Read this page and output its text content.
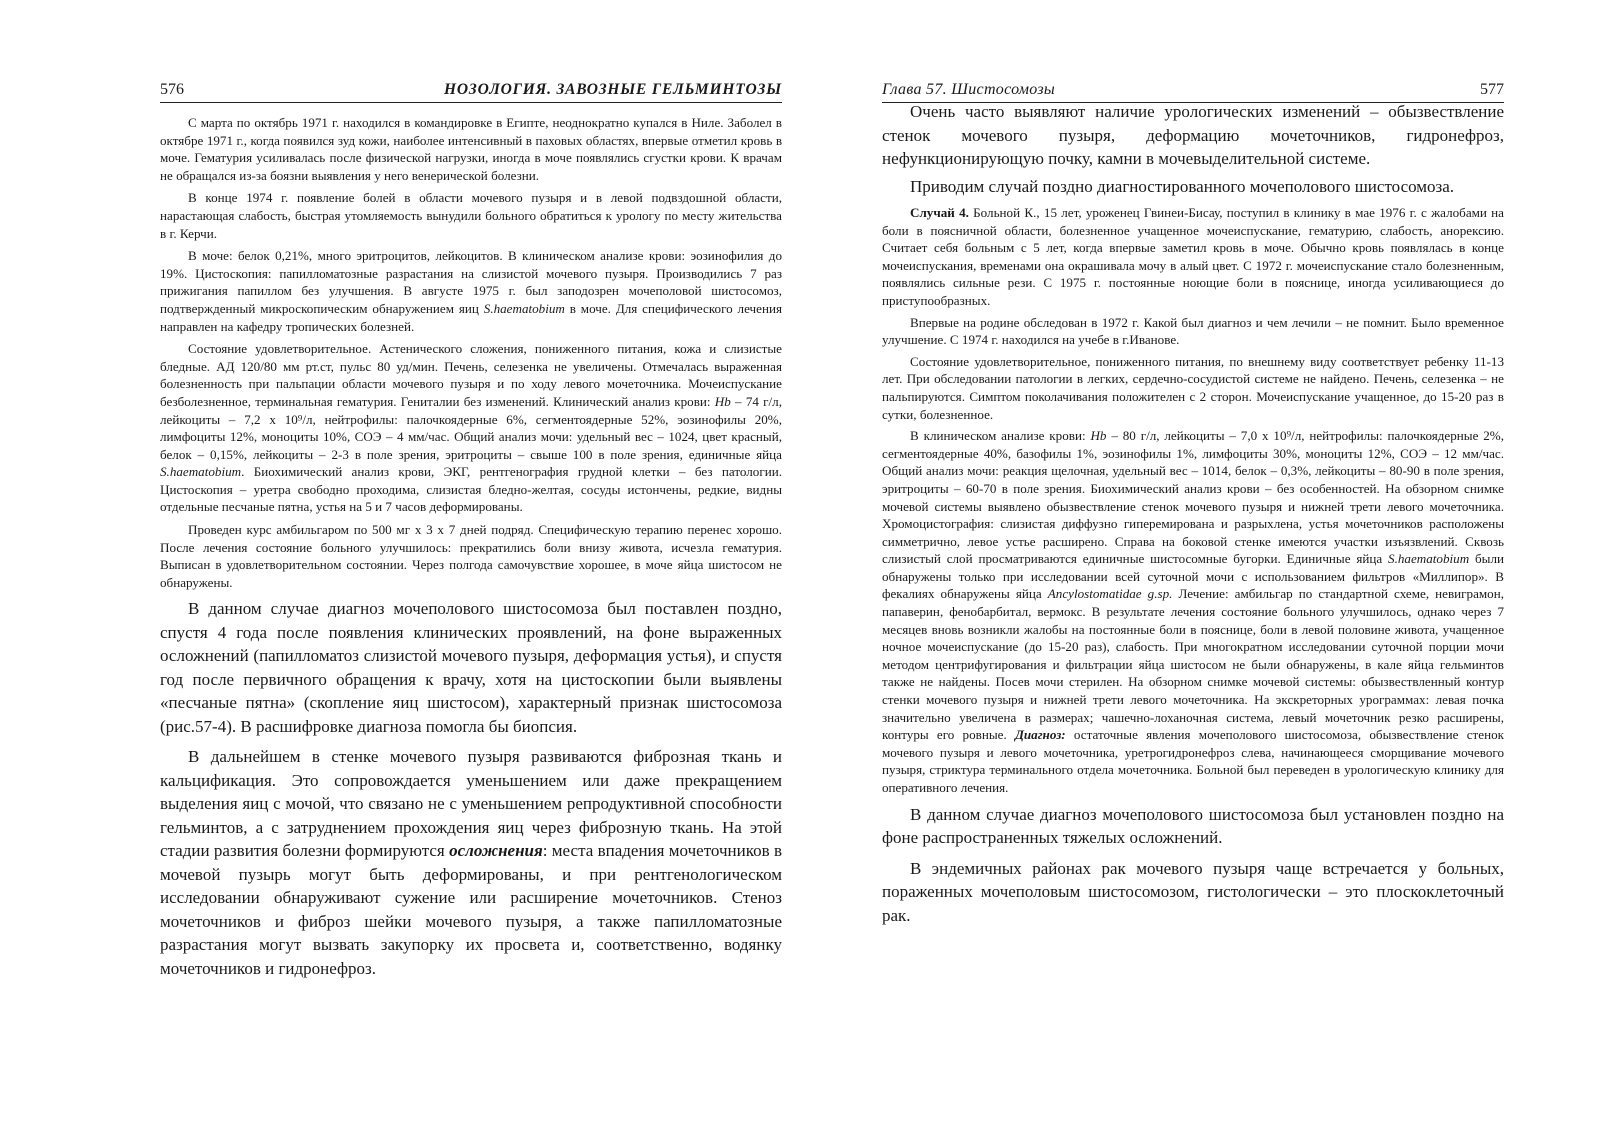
576	НОЗОЛОГИЯ. ЗАВОЗНЫЕ ГЕЛЬМИНТОЗЫ

С марта по октябрь 1971 г. находился в командировке в Египте, неоднократно купался в Ниле. Заболел в октябре 1971 г., когда появился зуд кожи, наиболее интенсивный в паховых областях, впервые отметил кровь в моче. Гематурия усиливалась после физической нагрузки, иногда в моче появлялись сгустки крови. К врачам не обращался из-за боязни выявления у него венерической болезни.

В конце 1974 г. появление болей в области мочевого пузыря и в левой подвздошной области, нарастающая слабость, быстрая утомляемость вынудили больного обратиться к урологу по месту жительства в г. Керчи.

В моче: белок 0,21%, много эритроцитов, лейкоцитов. В клиническом анализе крови: эозинофилия до 19%. Цистоскопия: папилломатозные разрастания на слизистой мочевого пузыря. Производились 7 раз прижигания папиллом без улучшения. В августе 1975 г. был заподозрен мочеполовой шистосомоз, подтвержденный микроскопическим обнаружением яиц S.haematobium в моче. Для специфического лечения направлен на кафедру тропических болезней.

Состояние удовлетворительное. Астенического сложения, пониженного питания, кожа и слизистые бледные. АД 120/80 мм рт.ст, пульс 80 уд/мин. Печень, селезенка не увеличены. Отмечалась выраженная болезненность при пальпации области мочевого пузыря и по ходу левого мочеточника. Мочеиспускание безболезненное, терминальная гематурия. Гениталии без изменений. Клинический анализ крови: Hb – 74 г/л, лейкоциты – 7,2 х 10⁹/л, нейтрофилы: палочкоядерные 6%, сегментоядерные 52%, эозинофилы 20%, лимфоциты 12%, моноциты 10%, СОЭ – 4 мм/час. Общий анализ мочи: удельный вес – 1024, цвет красный, белок – 0,15%, лейкоциты – 2-3 в поле зрения, эритроциты – свыше 100 в поле зрения, единичные яйца S.haematobium. Биохимический анализ крови, ЭКГ, рентгенография грудной клетки – без патологии. Цистоскопия – уретра свободно проходима, слизистая бледно-желтая, сосуды истончены, редкие, видны отдельные песчаные пятна, устья на 5 и 7 часов деформированы.

Проведен курс амбильгаром по 500 мг х 3 х 7 дней подряд. Специфическую терапию перенес хорошо. После лечения состояние больного улучшилось: прекратились боли внизу живота, исчезла гематурия. Выписан в удовлетворительном состоянии. Через полгода самочувствие хорошее, в моче яйца шистосом не обнаружены.

В данном случае диагноз мочеполового шистосомоза был поставлен поздно, спустя 4 года после появления клинических проявлений, на фоне выраженных осложнений (папилломатоз слизистой мочевого пузыря, деформация устья), и спустя год после первичного обращения к врачу, хотя на цистоскопии были выявлены «песчаные пятна» (скопление яиц шистосом), характерный признак шистосомоза (рис.57-4). В расшифровке диагноза помогла бы биопсия.

В дальнейшем в стенке мочевого пузыря развиваются фиброзная ткань и кальцификация. Это сопровождается уменьшением или даже прекращением выделения яиц с мочой, что связано не с уменьшением репродуктивной способности гельминтов, а с затруднением прохождения яиц через фиброзную ткань. На этой стадии развития болезни формируются осложнения: места впадения мочеточников в мочевой пузырь могут быть деформированы, и при рентгенологическом исследовании обнаруживают сужение или расширение мочеточников. Стеноз мочеточников и фиброз шейки мочевого пузыря, а также папилломатозные разрастания могут вызвать закупорку их просвета и, соответственно, водянку мочеточников и гидронефроз.

Глава 57. Шистосомозы	577

Очень часто выявляют наличие урологических изменений – обызвествление стенок мочевого пузыря, деформацию мочеточников, гидронефроз, нефункционирующую почку, камни в мочевыделительной системе.

Приводим случай поздно диагностированного мочеполового шистосомоза.

Случай 4. Больной К., 15 лет, уроженец Гвинеи-Бисау, поступил в клинику в мае 1976 г. с жалобами на боли в поясничной области, болезненное учащенное мочеиспускание, гематурию, слабость, анорексию. Считает себя больным с 5 лет, когда впервые заметил кровь в моче. Обычно кровь появлялась в конце мочеиспускания, временами она окрашивала мочу в алый цвет. С 1972 г. мочеиспускание стало болезненным, появлялись сильные рези. С 1975 г. постоянные ноющие боли в пояснице, иногда усиливающиеся до приступообразных.

Впервые на родине обследован в 1972 г. Какой был диагноз и чем лечили – не помнит. Было временное улучшение. С 1974 г. находился на учебе в г.Иванове.

Состояние удовлетворительное, пониженного питания, по внешнему виду соответствует ребенку 11-13 лет. При обследовании патологии в легких, сердечно-сосудистой системе не найдено. Печень, селезенка – не пальпируются. Симптом поколачивания положителен с 2 сторон. Мочеиспускание учащенное, до 15-20 раз в сутки, болезненное.

В клиническом анализе крови: Hb – 80 г/л, лейкоциты – 7,0 х 10⁹/л, нейтрофилы: палочкоядерные 2%, сегментоядерные 40%, базофилы 1%, эозинофилы 1%, лимфоциты 30%, моноциты 12%, СОЭ – 12 мм/час. Общий анализ мочи: реакция щелочная, удельный вес – 1014, белок – 0,3%, лейкоциты – 80-90 в поле зрения, эритроциты – 60-70 в поле зрения. Биохимический анализ крови – без особенностей. На обзорном снимке мочевой системы выявлено обызвествление стенок мочевого пузыря и нижней трети левого мочеточника. Хромоцистография: слизистая диффузно гиперемирована и разрыхлена, устья мочеточников расположены симметрично, левое устье расширено. Справа на боковой стенке имеются участки изъязвлений. Сквозь слизистый слой просматриваются единичные шистосомные бугорки. Единичные яйца S.haematobium были обнаружены только при исследовании всей суточной мочи с использованием фильтров «Миллипор». В фекалиях обнаружены яйца Ancylostomatidae g.sp. Лечение: амбильгар по стандартной схеме, невиграмон, папаверин, фенобарбитал, вермокс. В результате лечения состояние больного улучшилось, однако через 7 месяцев вновь возникли жалобы на постоянные боли в пояснице, боли в левой половине живота, учащенное ночное мочеиспускание (до 15-20 раз), слабость. При многократном исследовании суточной порции мочи методом центрифугирования и фильтрации яйца шистосом не были обнаружены, в кале яйца гельминтов также не найдены. Посев мочи стерилен. На обзорном снимке мочевой системы: обызвествленный контур стенки мочевого пузыря и нижней трети левого мочеточника. На экскреторных урограммах: левая почка значительно увеличена в размерах; чашечно-лоханочная система, левый мочеточник резко расширены, контуры его ровные. Диагноз: остаточные явления мочеполового шистосомоза, обызвествление стенок мочевого пузыря и левого мочеточника, уретрогидронефроз слева, начинающееся сморщивание мочевого пузыря, стриктура терминального отдела мочеточника. Больной был переведен в урологическую клинику для оперативного лечения.

В данном случае диагноз мочеполового шистосомоза был установлен поздно на фоне распространенных тяжелых осложнений.

В эндемичных районах рак мочевого пузыря чаще встречается у больных, пораженных мочеполовым шистосомозом, гистологически – это плоскоклеточный рак.
